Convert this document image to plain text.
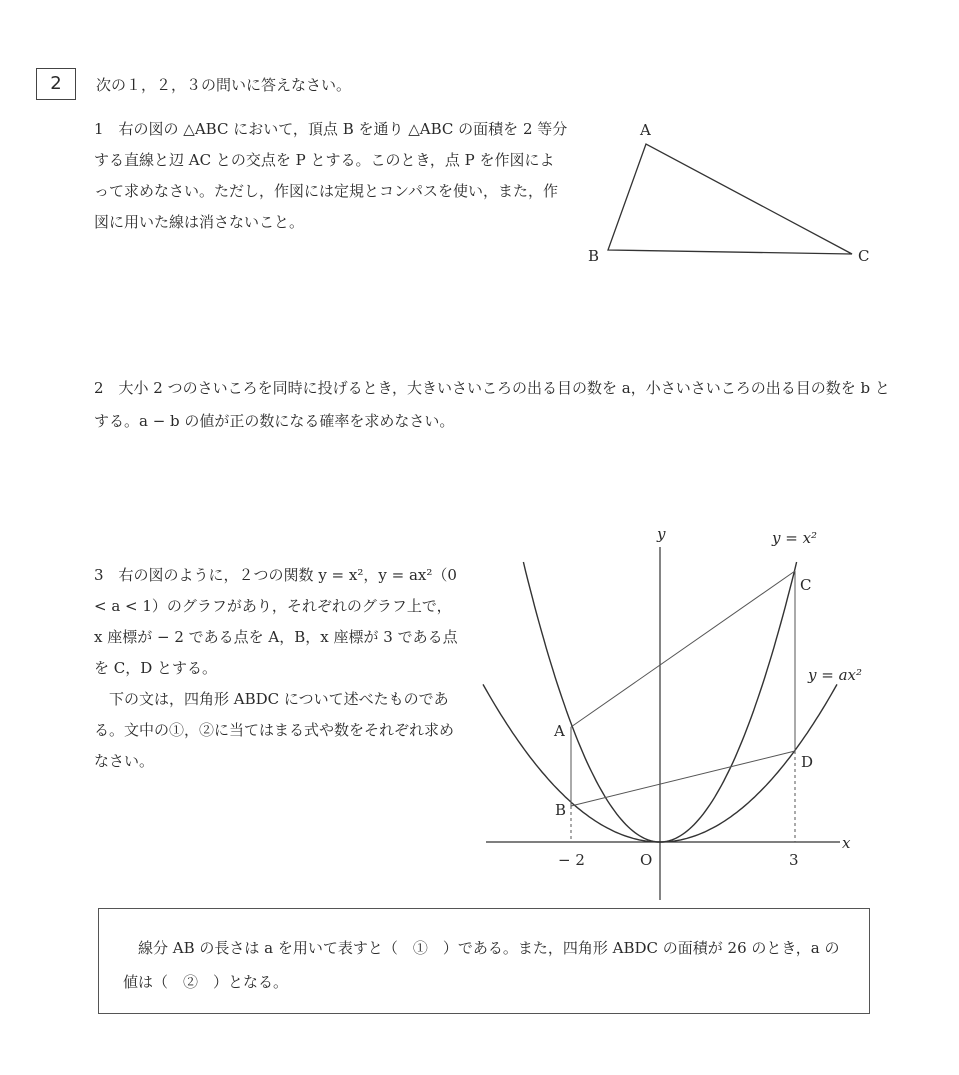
2	次の１，２，３の問いに答えなさい。
1　右の図の △ABC において，頂点 B を通り △ABC の面積を 2 等分する直線と辺 AC との交点を P とする。このとき，点 P を作図によって求めなさい。ただし，作図には定規とコンパスを使い，また，作図に用いた線は消さないこと。
A
B	C
2　大小 2 つのさいころを同時に投げるとき，大きいさいころの出る目の数を a，小さいさいころの出る目の数を b とする。a − b の値が正の数になる確率を求めなさい。
3　右の図のように，２つの関数 y = x²，y = ax²（0 < a < 1）のグラフがあり，それぞれのグラフ上で，x 座標が − 2 である点を A，B，x 座標が 3 である点を C，D とする。
下の文は，四角形 ABDC について述べたものである。文中の①，②に当てはまる式や数をそれぞれ求めなさい。
y
x
O
y = x²
y = ax²
A
B
C
D
− 2	3
線分 AB の長さは a を用いて表すと（　①　）である。また，四角形 ABDC の面積が 26 のとき，a の値は（　②　）となる。
